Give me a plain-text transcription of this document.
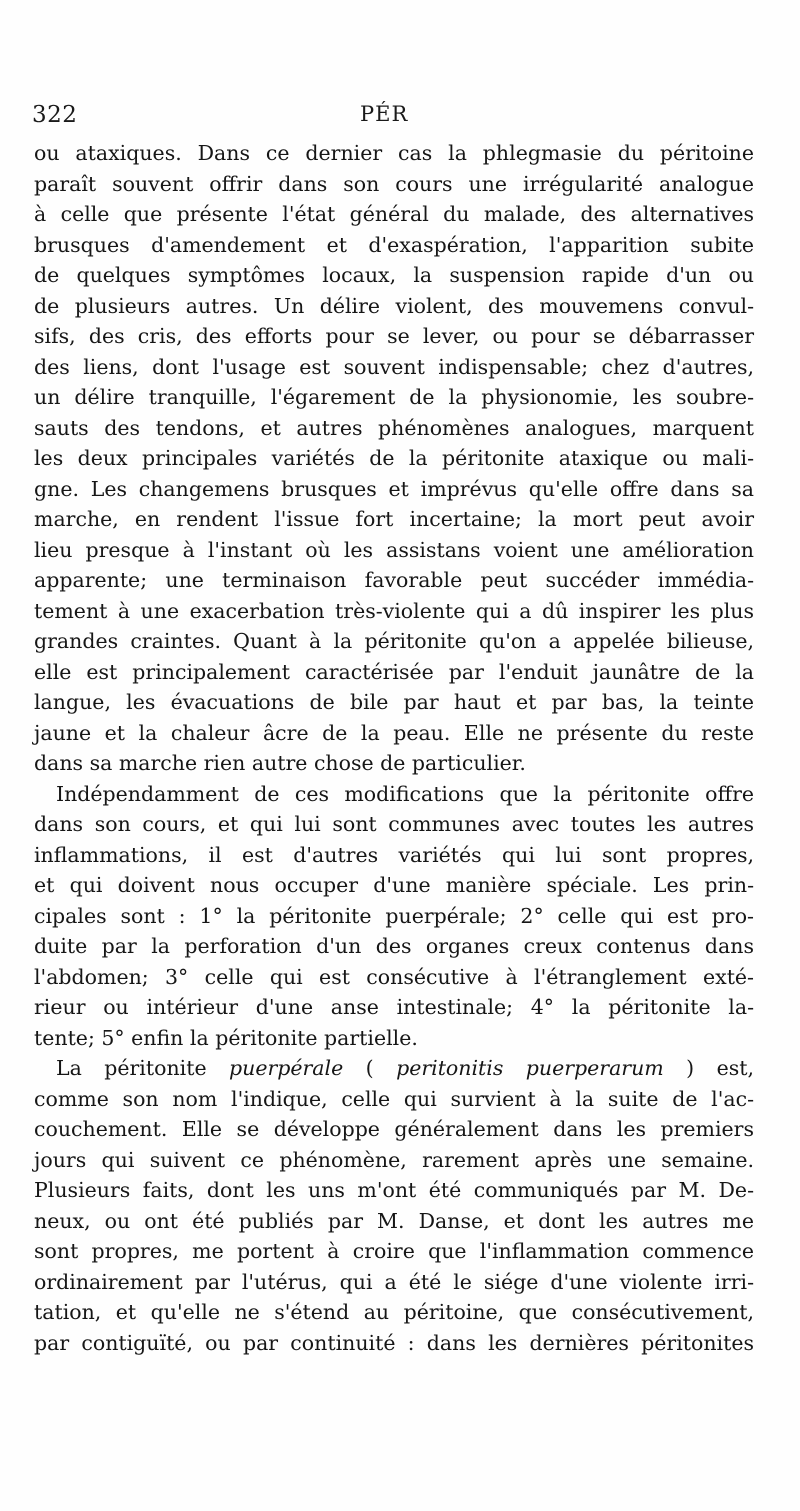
322	PÉR

ou ataxiques. Dans ce dernier cas la phlegmasie du péritoine
paraît souvent offrir dans son cours une irrégularité analogue
à celle que présente l'état général du malade, des alternatives
brusques d'amendement et d'exaspération, l'apparition subite
de quelques symptômes locaux, la suspension rapide d'un ou
de plusieurs autres. Un délire violent, des mouvemens convul-
sifs, des cris, des efforts pour se lever, ou pour se débarrasser
des liens, dont l'usage est souvent indispensable; chez d'autres,
un délire tranquille, l'égarement de la physionomie, les soubre-
sauts des tendons, et autres phénomènes analogues, marquent
les deux principales variétés de la péritonite ataxique ou mali-
gne. Les changemens brusques et imprévus qu'elle offre dans sa
marche, en rendent l'issue fort incertaine; la mort peut avoir
lieu presque à l'instant où les assistans voient une amélioration
apparente; une terminaison favorable peut succéder immédia-
tement à une exacerbation très-violente qui a dû inspirer les plus
grandes craintes. Quant à la péritonite qu'on a appelée bilieuse,
elle est principalement caractérisée par l'enduit jaunâtre de la
langue, les évacuations de bile par haut et par bas, la teinte
jaune et la chaleur âcre de la peau. Elle ne présente du reste
dans sa marche rien autre chose de particulier.

Indépendamment de ces modifications que la péritonite offre
dans son cours, et qui lui sont communes avec toutes les autres
inflammations, il est d'autres variétés qui lui sont propres,
et qui doivent nous occuper d'une manière spéciale. Les prin-
cipales sont : 1° la péritonite puerpérale; 2° celle qui est pro-
duite par la perforation d'un des organes creux contenus dans
l'abdomen; 3° celle qui est consécutive à l'étranglement exté-
rieur ou intérieur d'une anse intestinale; 4° la péritonite la-
tente; 5° enfin la péritonite partielle.

La péritonite puerpérale ( peritonitis puerperarum ) est,
comme son nom l'indique, celle qui survient à la suite de l'ac-
couchement. Elle se développe généralement dans les premiers
jours qui suivent ce phénomène, rarement après une semaine.
Plusieurs faits, dont les uns m'ont été communiqués par M. De-
neux, ou ont été publiés par M. Danse, et dont les autres me
sont propres, me portent à croire que l'inflammation commence
ordinairement par l'utérus, qui a été le siége d'une violente irri-
tation, et qu'elle ne s'étend au péritoine, que consécutivement,
par contiguïté, ou par continuité : dans les dernières péritonites
